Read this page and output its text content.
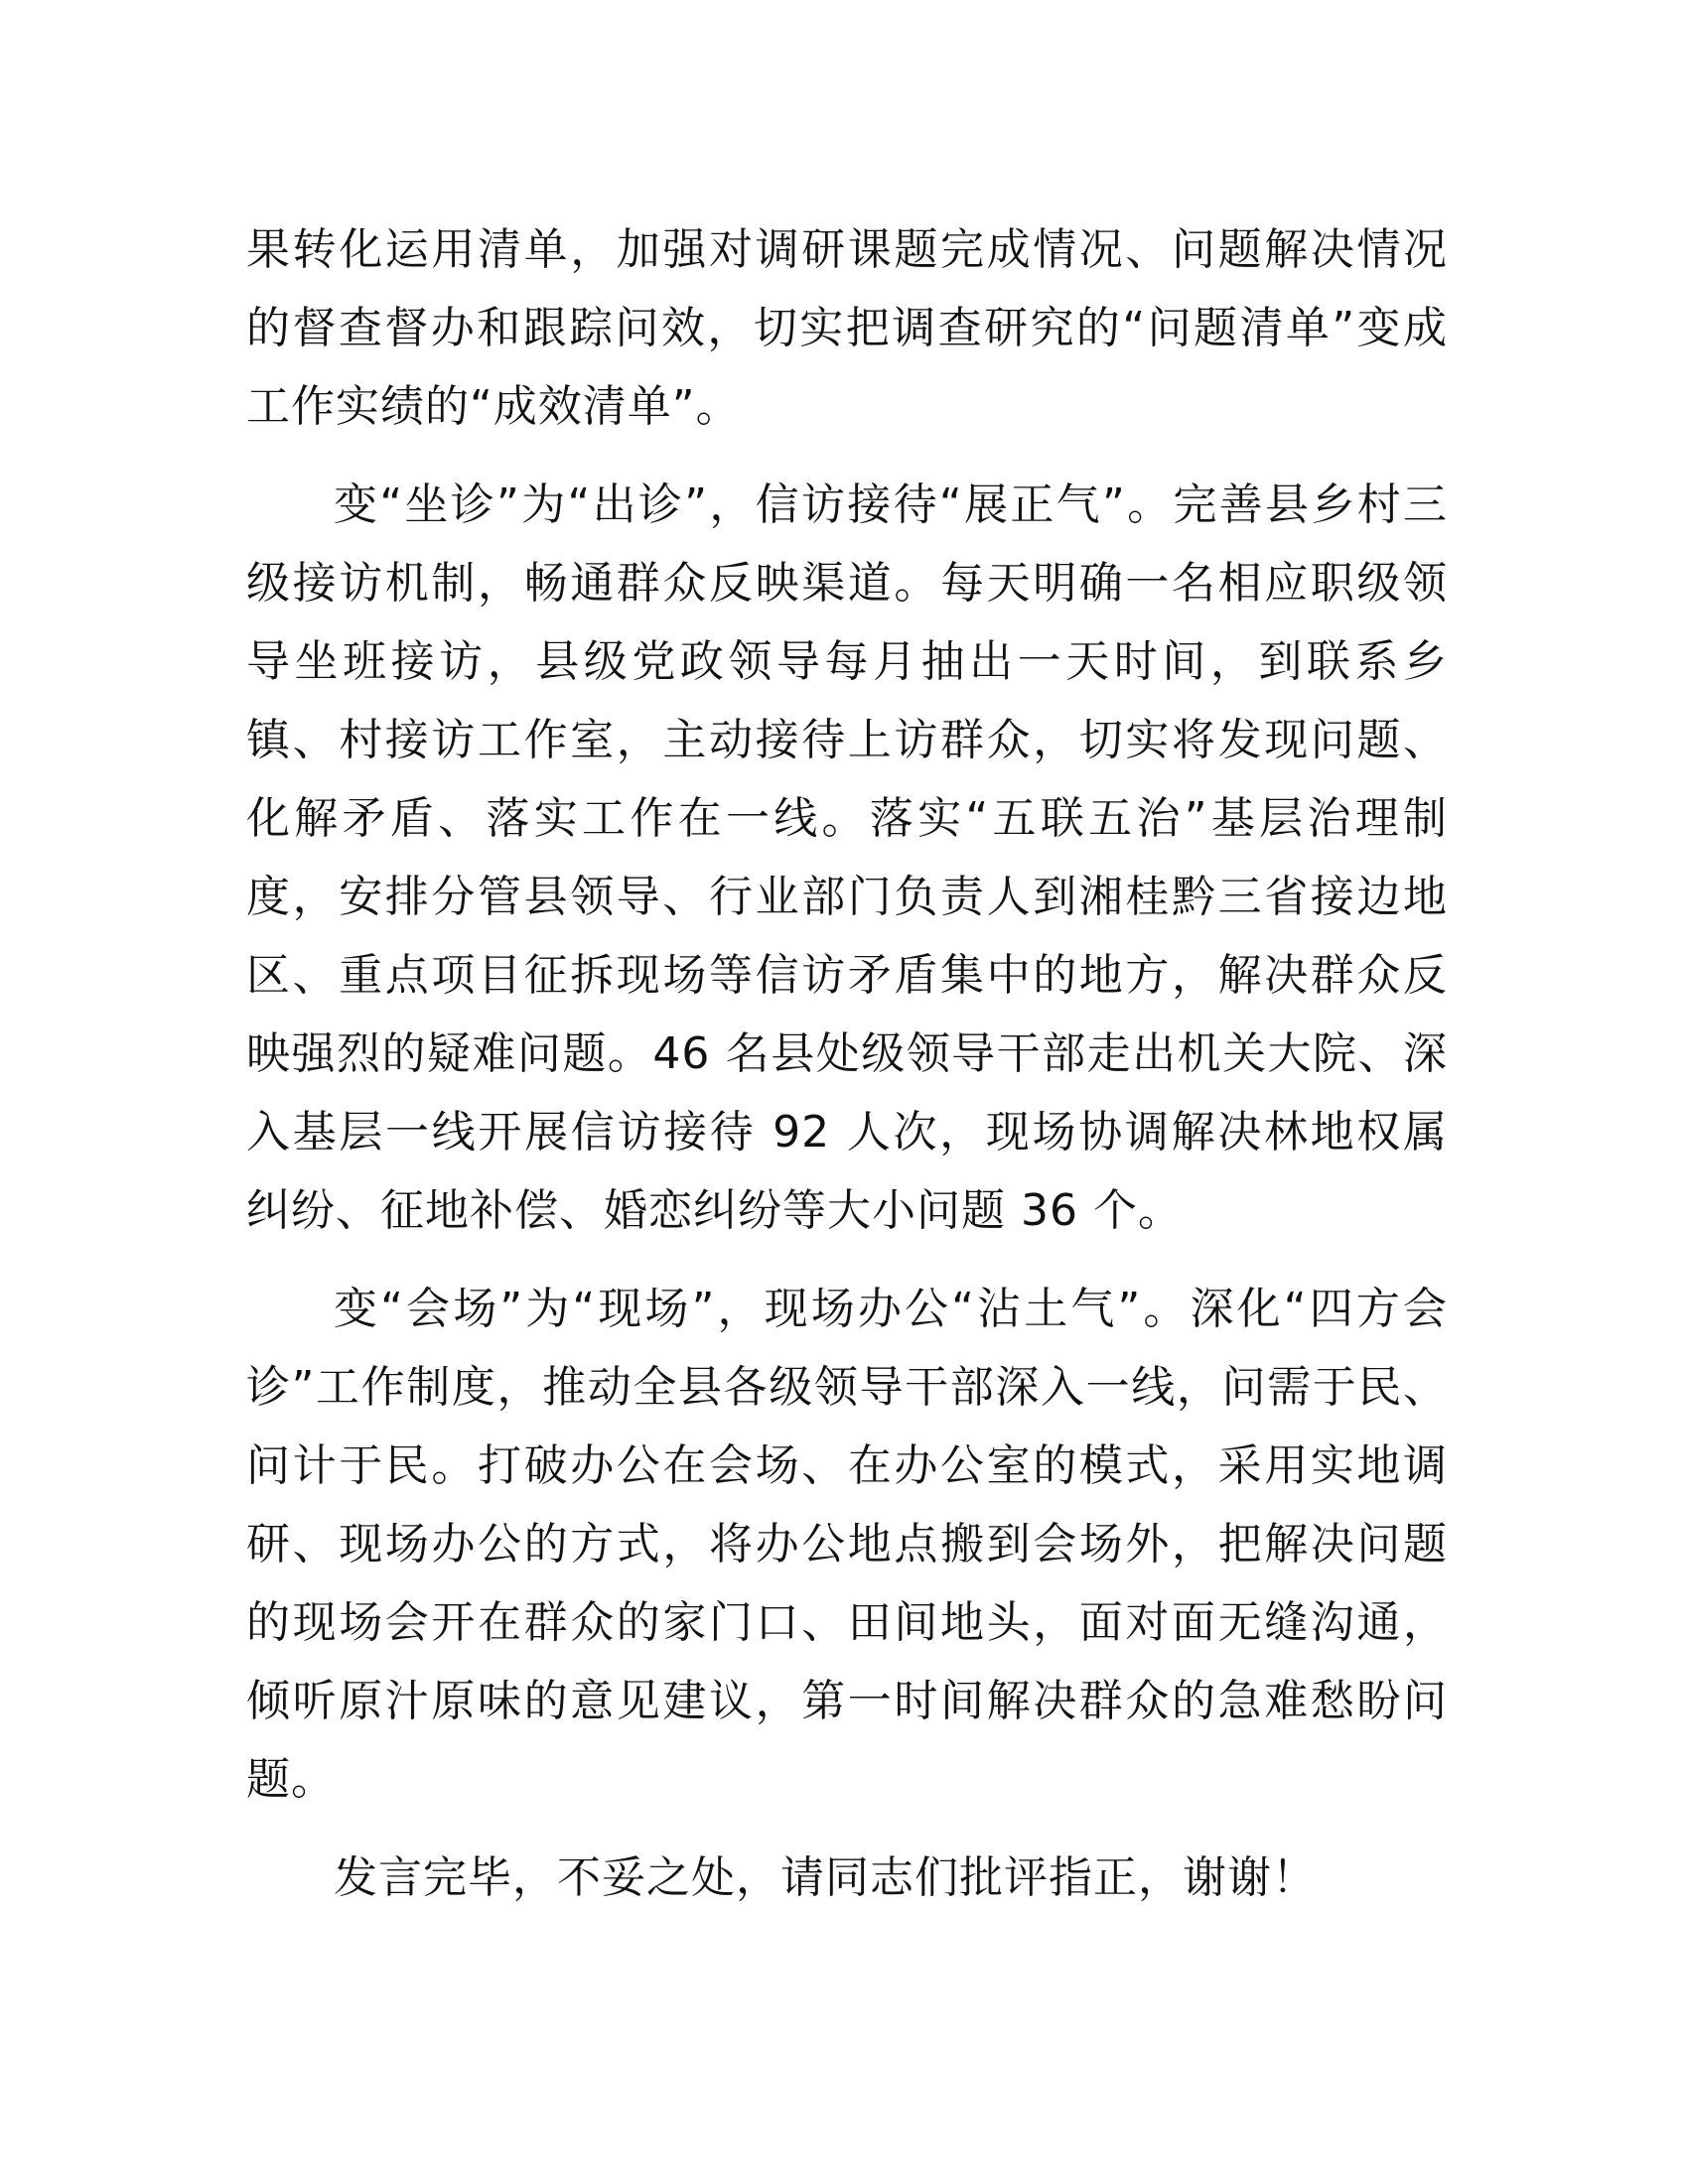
果转化运用清单，加强对调研课题完成情况、问题解决情况的督查督办和跟踪问效，切实把调查研究的“问题清单”变成工作实绩的“成效清单”。

变“坐诊”为“出诊”，信访接待“展正气”。完善县乡村三级接访机制，畅通群众反映渠道。每天明确一名相应职级领导坐班接访，县级党政领导每月抽出一天时间，到联系乡镇、村接访工作室，主动接待上访群众，切实将发现问题、化解矛盾、落实工作在一线。落实“五联五治”基层治理制度，安排分管县领导、行业部门负责人到湘桂黔三省接边地区、重点项目征拆现场等信访矛盾集中的地方，解决群众反映强烈的疑难问题。46 名县处级领导干部走出机关大院、深入基层一线开展信访接待 92 人次，现场协调解决林地权属纠纷、征地补偿、婚恋纠纷等大小问题 36 个。

变“会场”为“现场”，现场办公“沾土气”。深化“四方会诊”工作制度，推动全县各级领导干部深入一线，问需于民、问计于民。打破办公在会场、在办公室的模式，采用实地调研、现场办公的方式，将办公地点搬到会场外，把解决问题的现场会开在群众的家门口、田间地头，面对面无缝沟通，倾听原汁原味的意见建议，第一时间解决群众的急难愁盼问题。

发言完毕，不妥之处，请同志们批评指正，谢谢！
